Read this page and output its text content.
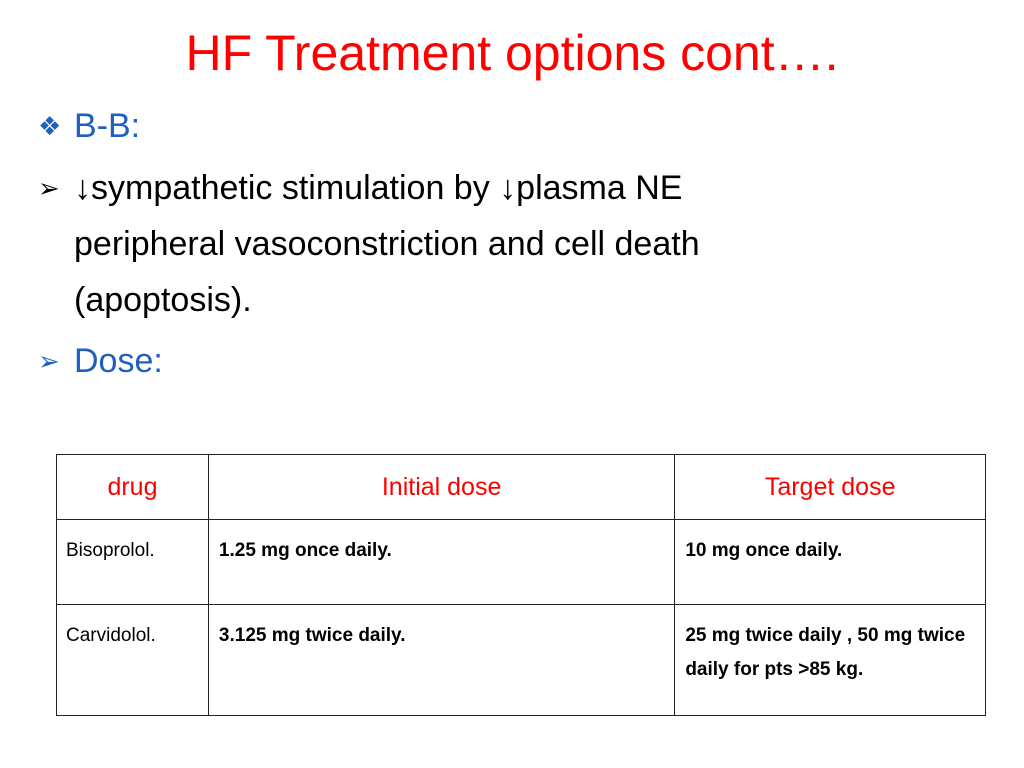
HF Treatment options cont….
❖ B-B:
➢ ↓sympathetic stimulation by ↓plasma NE
peripheral vasoconstriction and cell death
(apoptosis).
➢ Dose:
drug	Initial dose	Target dose
Bisoprolol.	1.25 mg once daily.	10 mg once daily.
Carvidolol.	3.125 mg twice daily.	25 mg twice daily , 50 mg twice daily for pts >85 kg.
